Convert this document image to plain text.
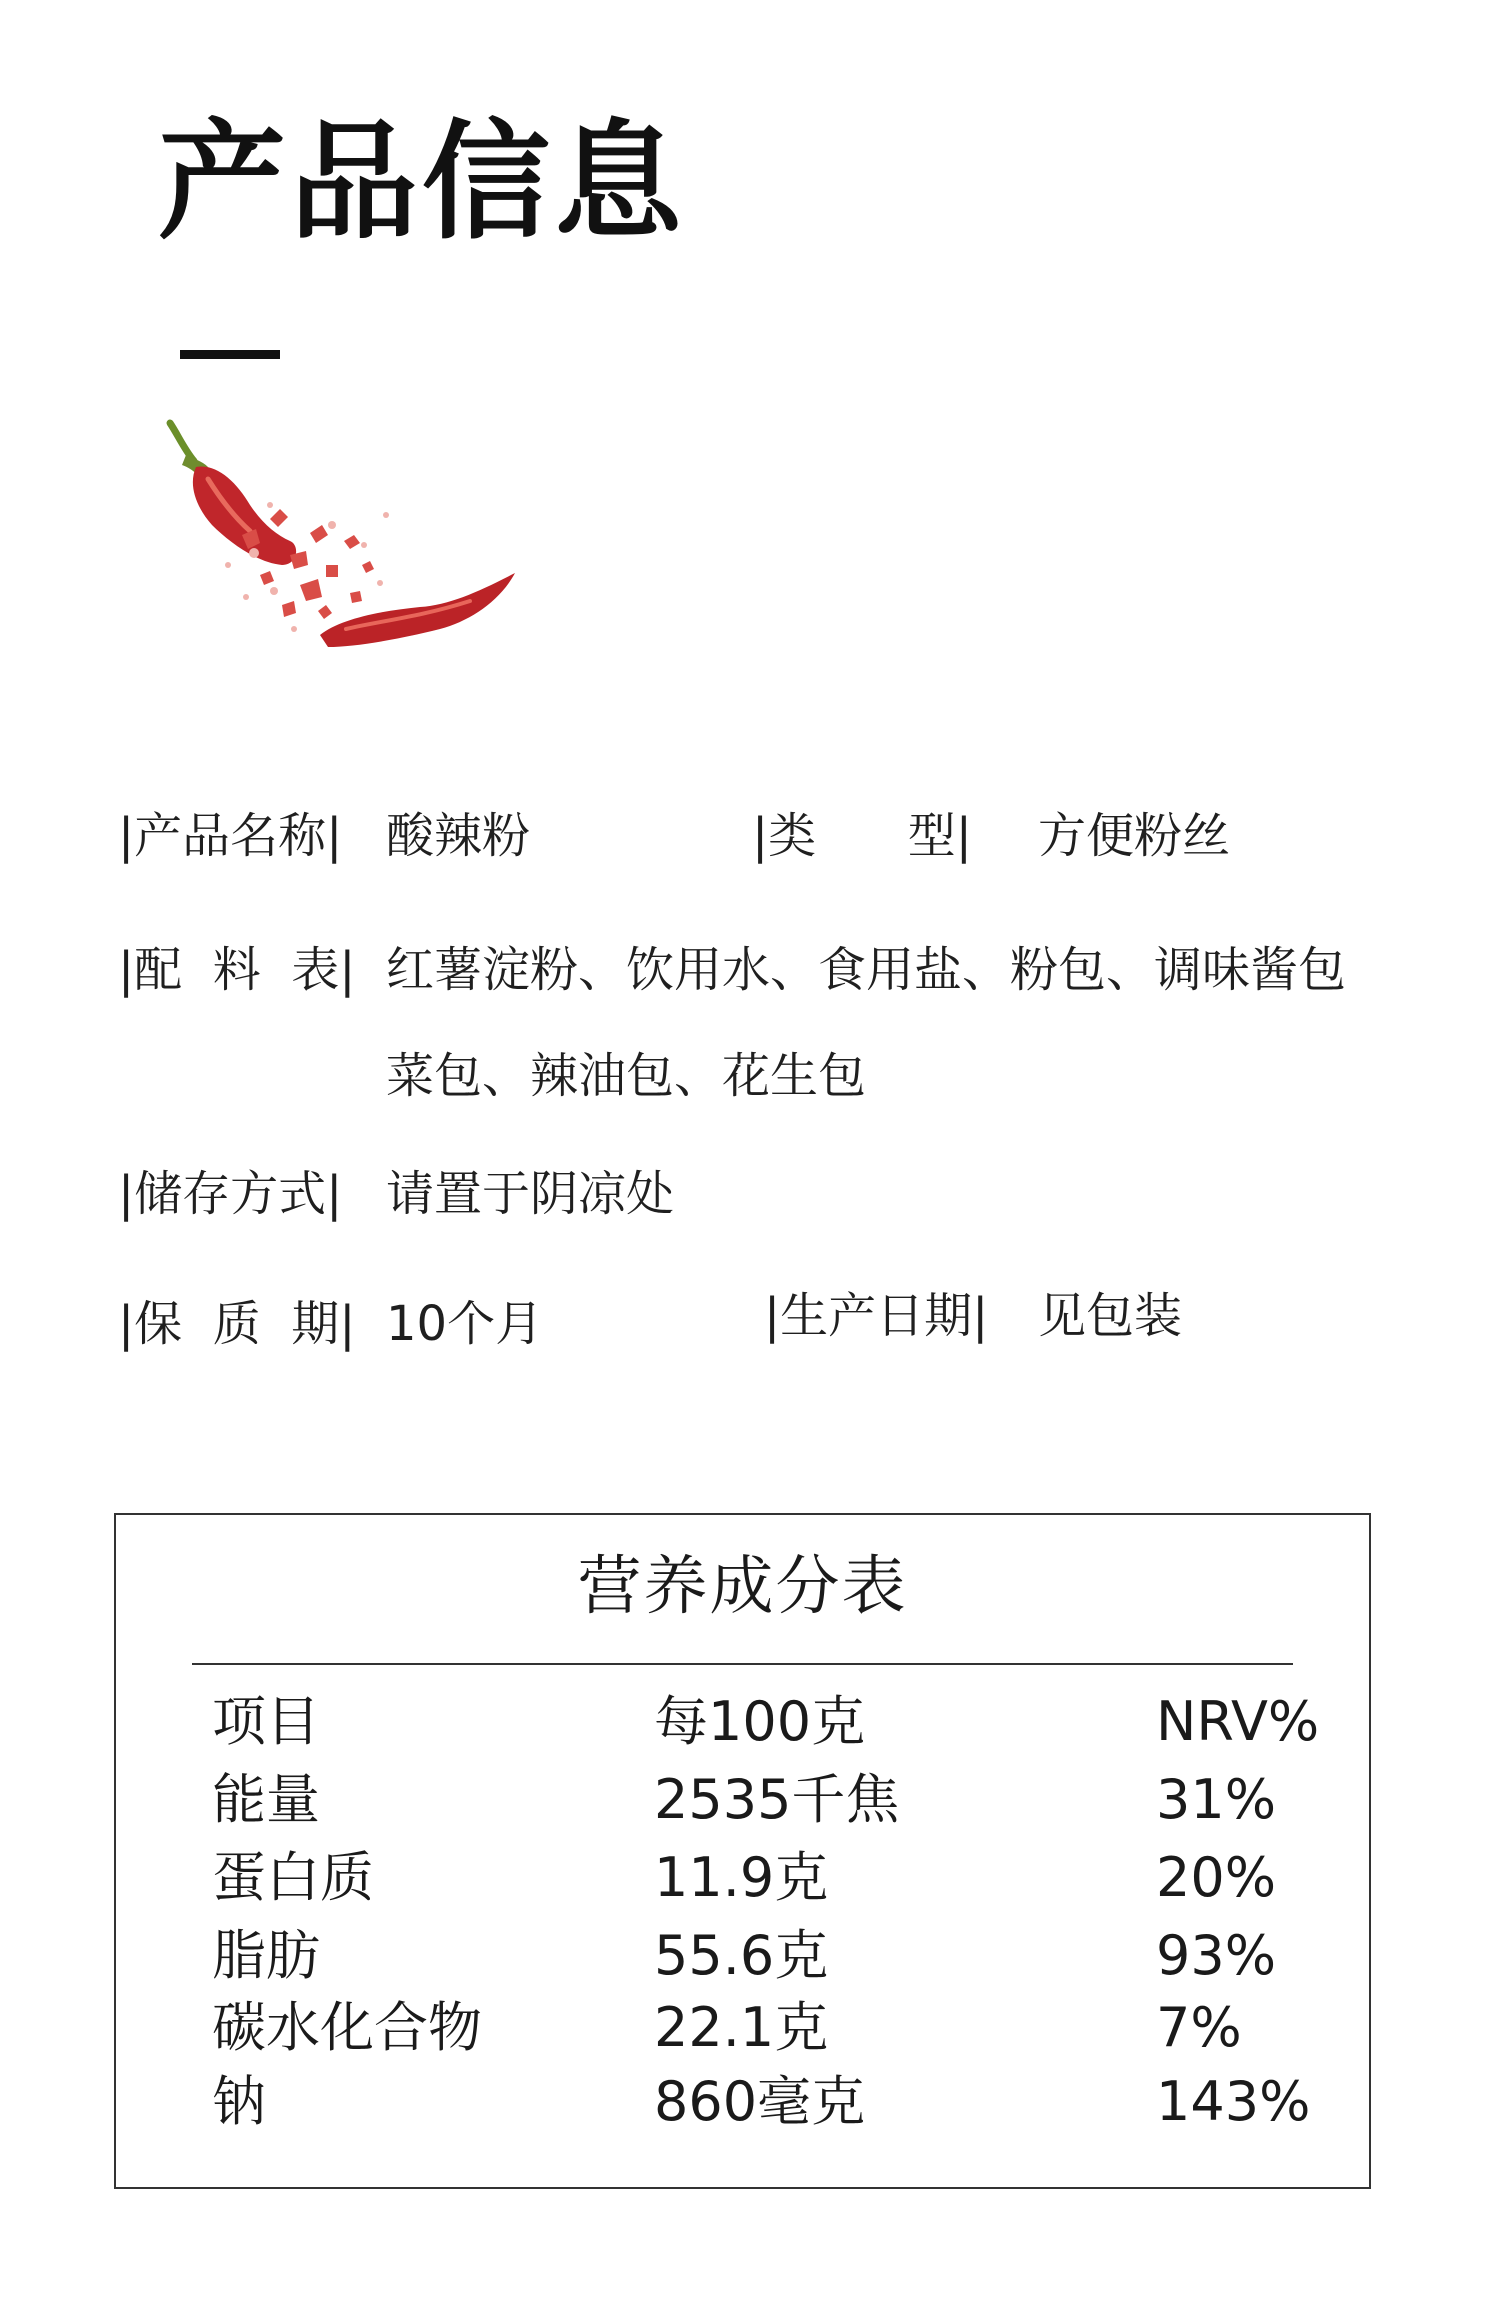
产品信息
|产品名称| 酸辣粉	|类      型| 方便粉丝
|配  料  表| 红薯淀粉、饮用水、食用盐、粉包、调味酱包
菜包、辣油包、花生包
|储存方式| 请置于阴凉处
|保  质  期| 10个月	|生产日期| 见包装
营养成分表
项目	每100克	NRV%
能量	2535千焦	31%
蛋白质	11.9克	20%
脂肪	55.6克	93%
碳水化合物	22.1克	7%
钠	860毫克	143%
